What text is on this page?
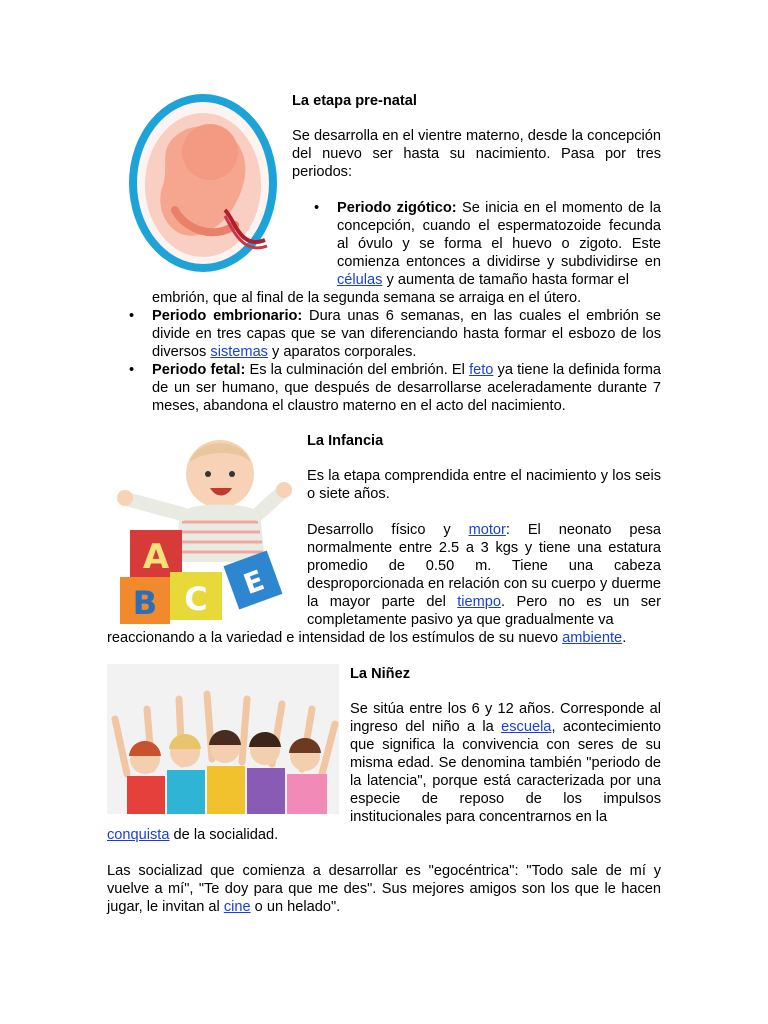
La etapa pre-natal

Se desarrolla en el vientre materno, desde la concepción del nuevo ser hasta su nacimiento. Pasa por tres periodos:

• Periodo zigótico: Se inicia en el momento de la concepción, cuando el espermatozoide fecunda al óvulo y se forma el huevo o zigoto. Este comienza entonces a dividirse y subdividirse en células y aumenta de tamaño hasta formar el

embrión, que al final de la segunda semana se arraiga en el útero.

• Periodo embrionario: Dura unas 6 semanas, en las cuales el embrión se divide en tres capas que se van diferenciando hasta formar el esbozo de los diversos sistemas y aparatos corporales.

• Periodo fetal: Es la culminación del embrión. El feto ya tiene la definida forma de un ser humano, que después de desarrollarse aceleradamente durante 7 meses, abandona el claustro materno en el acto del nacimiento.

A
B C E
La Infancia

Es la etapa comprendida entre el nacimiento y los seis o siete años.

Desarrollo físico y motor: El neonato pesa normalmente entre 2.5 a 3 kgs y tiene una estatura promedio de 0.50 m. Tiene una cabeza desproporcionada en relación con su cuerpo y duerme la mayor parte del tiempo. Pero no es un ser completamente pasivo ya que gradualmente va

reaccionando a la variedad e intensidad de los estímulos de su nuevo ambiente.

La Niñez

Se sitúa entre los 6 y 12 años. Corresponde al ingreso del niño a la escuela, acontecimiento que significa la convivencia con seres de su misma edad. Se denomina también "periodo de la latencia", porque está caracterizada por una especie de reposo de los impulsos institucionales para concentrarnos en la

conquista de la socialidad.

Las socializad que comienza a desarrollar es "egocéntrica": "Todo sale de mí y vuelve a mí", "Te doy para que me des". Sus mejores amigos son los que le hacen jugar, le invitan al cine o un helado".
